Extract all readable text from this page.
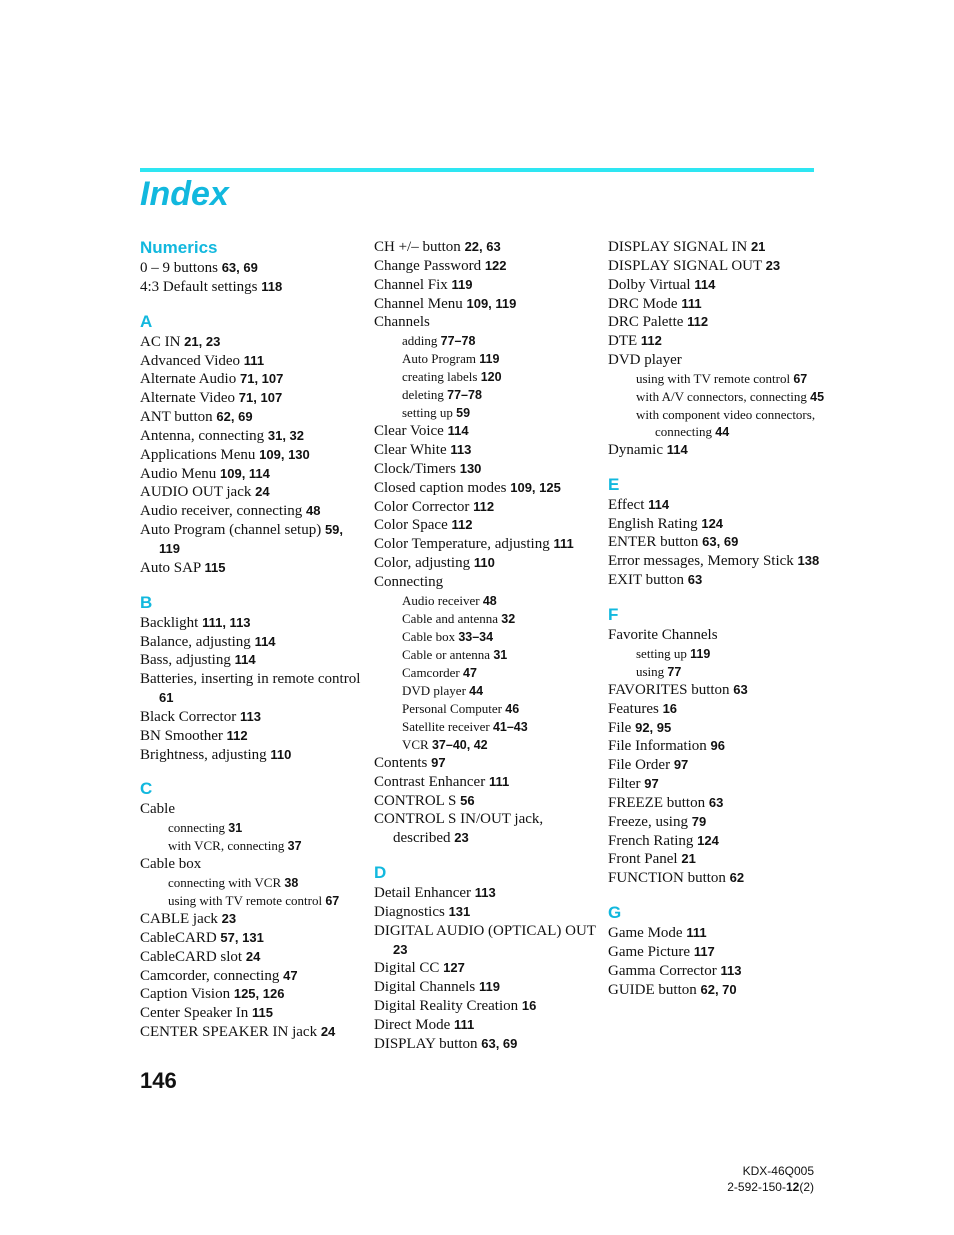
Index
Numerics
0 – 9 buttons 63, 69
4:3 Default settings 118
A
AC IN 21, 23
Advanced Video 111
Alternate Audio 71, 107
Alternate Video 71, 107
ANT button 62, 69
Antenna, connecting 31, 32
Applications Menu 109, 130
Audio Menu 109, 114
AUDIO OUT jack 24
Audio receiver, connecting 48
Auto Program (channel setup) 59, 119
Auto SAP 115
B
Backlight 111, 113
Balance, adjusting 114
Bass, adjusting 114
Batteries, inserting in remote control 61
Black Corrector 113
BN Smoother 112
Brightness, adjusting 110
C
Cable
connecting 31
with VCR, connecting 37
Cable box
connecting with VCR 38
using with TV remote control 67
CABLE jack 23
CableCARD 57, 131
CableCARD slot 24
Camcorder, connecting 47
Caption Vision 125, 126
Center Speaker In 115
CENTER SPEAKER IN jack 24
CH +/– button 22, 63
Change Password 122
Channel Fix 119
Channel Menu 109, 119
Channels
adding 77–78
Auto Program 119
creating labels 120
deleting 77–78
setting up 59
Clear Voice 114
Clear White 113
Clock/Timers 130
Closed caption modes 109, 125
Color Corrector 112
Color Space 112
Color Temperature, adjusting 111
Color, adjusting 110
Connecting
Audio receiver 48
Cable and antenna 32
Cable box 33–34
Cable or antenna 31
Camcorder 47
DVD player 44
Personal Computer 46
Satellite receiver 41–43
VCR 37–40, 42
Contents 97
Contrast Enhancer 111
CONTROL S 56
CONTROL S IN/OUT jack, described 23
D
Detail Enhancer 113
Diagnostics 131
DIGITAL AUDIO (OPTICAL) OUT 23
Digital CC 127
Digital Channels 119
Digital Reality Creation 16
Direct Mode 111
DISPLAY button 63, 69
DISPLAY SIGNAL IN 21
DISPLAY SIGNAL OUT 23
Dolby Virtual 114
DRC Mode 111
DRC Palette 112
DTE 112
DVD player
using with TV remote control 67
with A/V connectors, connecting 45
with component video connectors, connecting 44
Dynamic 114
E
Effect 114
English Rating 124
ENTER button 63, 69
Error messages, Memory Stick 138
EXIT button 63
F
Favorite Channels
setting up 119
using 77
FAVORITES button 63
Features 16
File 92, 95
File Information 96
File Order 97
Filter 97
FREEZE button 63
Freeze, using 79
French Rating 124
Front Panel 21
FUNCTION button 62
G
Game Mode 111
Game Picture 117
Gamma Corrector 113
GUIDE button 62, 70
146
KDX-46Q005
2-592-150-12(2)
